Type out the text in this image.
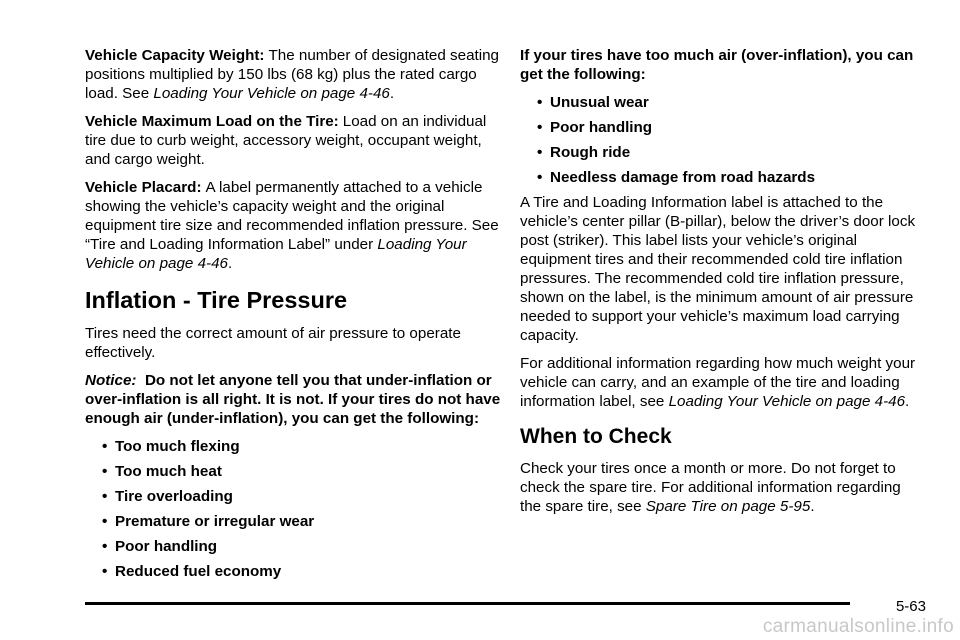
Vehicle Capacity Weight: The number of designated seating positions multiplied by 150 lbs (68 kg) plus the rated cargo load. See Loading Your Vehicle on page 4-46.

Vehicle Maximum Load on the Tire: Load on an individual tire due to curb weight, accessory weight, occupant weight, and cargo weight.

Vehicle Placard: A label permanently attached to a vehicle showing the vehicle’s capacity weight and the original equipment tire size and recommended inflation pressure. See “Tire and Loading Information Label” under Loading Your Vehicle on page 4-46.

Inflation - Tire Pressure

Tires need the correct amount of air pressure to operate effectively.

Notice: Do not let anyone tell you that under-inflation or over-inflation is all right. It is not. If your tires do not have enough air (under-inflation), you can get the following:

• Too much flexing
• Too much heat
• Tire overloading
• Premature or irregular wear
• Poor handling
• Reduced fuel economy

If your tires have too much air (over-inflation), you can get the following:

• Unusual wear
• Poor handling
• Rough ride
• Needless damage from road hazards

A Tire and Loading Information label is attached to the vehicle’s center pillar (B-pillar), below the driver’s door lock post (striker). This label lists your vehicle’s original equipment tires and their recommended cold tire inflation pressures. The recommended cold tire inflation pressure, shown on the label, is the minimum amount of air pressure needed to support your vehicle’s maximum load carrying capacity.

For additional information regarding how much weight your vehicle can carry, and an example of the tire and loading information label, see Loading Your Vehicle on page 4-46.

When to Check

Check your tires once a month or more. Do not forget to check the spare tire. For additional information regarding the spare tire, see Spare Tire on page 5-95.

5-63
carmanualsonline.info
